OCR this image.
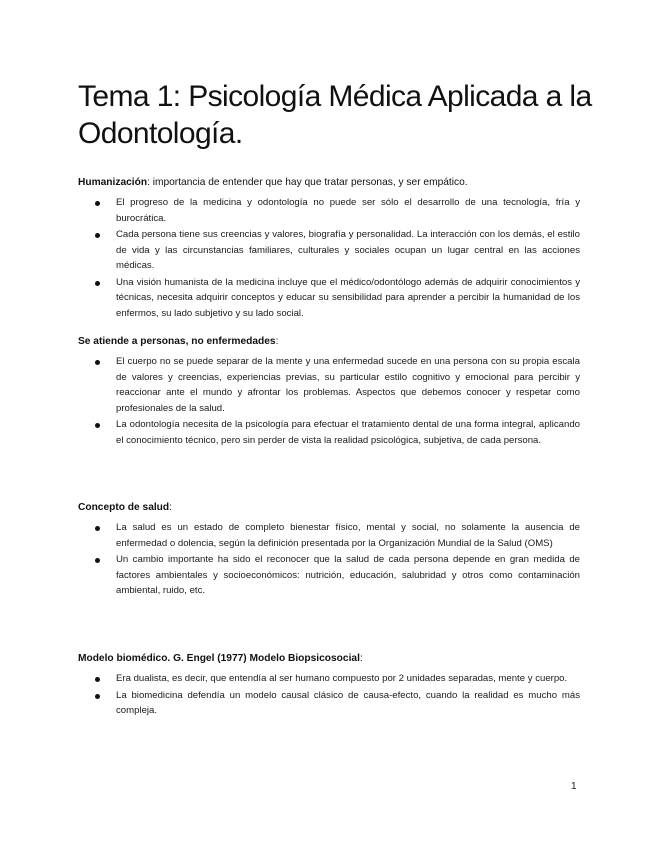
Tema 1: Psicología Médica Aplicada a la Odontología.

Humanización: importancia de entender que hay que tratar personas, y ser empático.

El progreso de la medicina y odontología no puede ser sólo el desarrollo de una tecnología, fría y burocrática.
Cada persona tiene sus creencias y valores, biografía y personalidad. La interacción con los demás, el estilo de vida y las circunstancias familiares, culturales y sociales ocupan un lugar central en las acciones médicas.
Una visión humanista de la medicina incluye que el médico/odontólogo además de adquirir conocimientos y técnicas, necesita adquirir conceptos y educar su sensibilidad para aprender a percibir la humanidad de los enfermos, su lado subjetivo y su lado social.

Se atiende a personas, no enfermedades:

El cuerpo no se puede separar de la mente y una enfermedad sucede en una persona con su propia escala de valores y creencias, experiencias previas, su particular estilo cognitivo y emocional para percibir y reaccionar ante el mundo y afrontar los problemas. Aspectos que debemos conocer y respetar como profesionales de la salud.
La odontología necesita de la psicología para efectuar el tratamiento dental de una forma integral, aplicando el conocimiento técnico, pero sin perder de vista la realidad psicológica, subjetiva, de cada persona.

Concepto de salud:

La salud es un estado de completo bienestar físico, mental y social, no solamente la ausencia de enfermedad o dolencia, según la definición presentada por la Organización Mundial de la Salud (OMS)
Un cambio importante ha sido el reconocer que la salud de cada persona depende en gran medida de factores ambientales y socioeconómicos: nutrición, educación, salubridad y otros como contaminación ambiental, ruido, etc.

Modelo biomédico. G. Engel (1977) Modelo Biopsicosocial:

Era dualista, es decir, que entendía al ser humano compuesto por 2 unidades separadas, mente y cuerpo.
La biomedicina defendía un modelo causal clásico de causa-efecto, cuando la realidad es mucho más compleja.
1
